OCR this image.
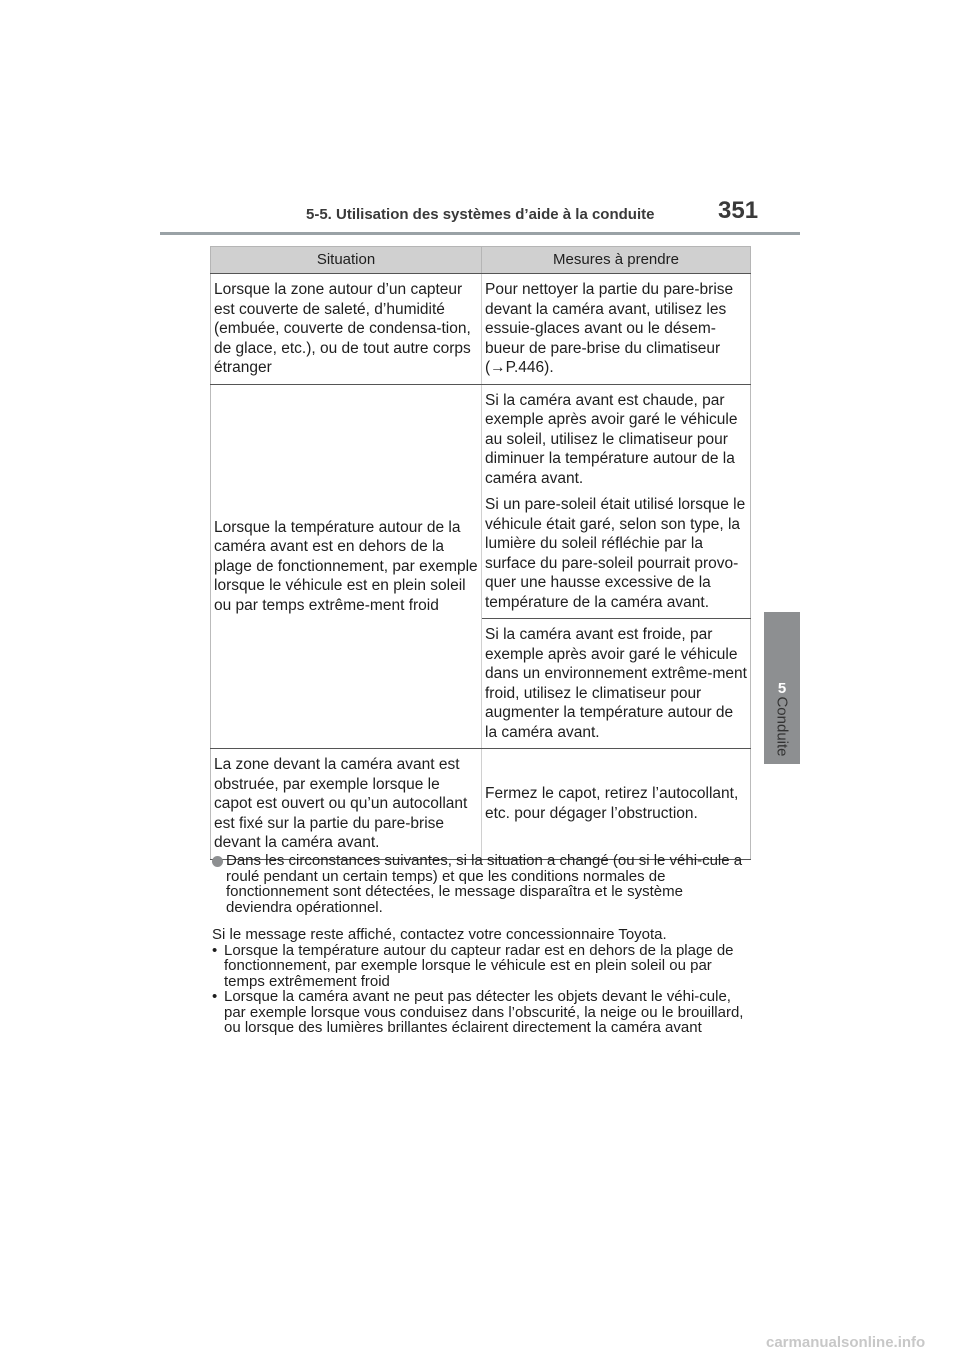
5-5. Utilisation des systèmes d’aide à la conduite	351
5
Conduite
Situation	Mesures à prendre
Lorsque la zone autour d’un capteur est couverte de saleté, d’humidité (embuée, couverte de condensa-tion, de glace, etc.), ou de tout autre corps étranger	Pour nettoyer la partie du pare-brise devant la caméra avant, utilisez les essuie-glaces avant ou le désem-bueur de pare-brise du climatiseur (→P.446).

Lorsque la température autour de la caméra avant est en dehors de la plage de fonctionnement, par exemple lorsque le véhicule est en plein soleil ou par temps extrême-ment froid	Si la caméra avant est chaude, par exemple après avoir garé le véhicule au soleil, utilisez le climatiseur pour diminuer la température autour de la caméra avant.

Si un pare-soleil était utilisé lorsque le véhicule était garé, selon son type, la lumière du soleil réfléchie par la surface du pare-soleil pourrait provo-quer une hausse excessive de la température de la caméra avant.

	Si la caméra avant est froide, par exemple après avoir garé le véhicule dans un environnement extrême-ment froid, utilisez le climatiseur pour augmenter la température autour de la caméra avant.

La zone devant la caméra avant est obstruée, par exemple lorsque le capot est ouvert ou qu’un autocollant est fixé sur la partie du pare-brise devant la caméra avant.	Fermez le capot, retirez l’autocollant, etc. pour dégager l’obstruction.

Dans les circonstances suivantes, si la situation a changé (ou si le véhi-cule a roulé pendant un certain temps) et que les conditions normales de fonctionnement sont détectées, le message disparaîtra et le système deviendra opérationnel.

Si le message reste affiché, contactez votre concessionnaire Toyota.

• Lorsque la température autour du capteur radar est en dehors de la plage de fonctionnement, par exemple lorsque le véhicule est en plein soleil ou par temps extrêmement froid
• Lorsque la caméra avant ne peut pas détecter les objets devant le véhi-cule, par exemple lorsque vous conduisez dans l’obscurité, la neige ou le brouillard, ou lorsque des lumières brillantes éclairent directement la caméra avant
carmanualsonline.info
